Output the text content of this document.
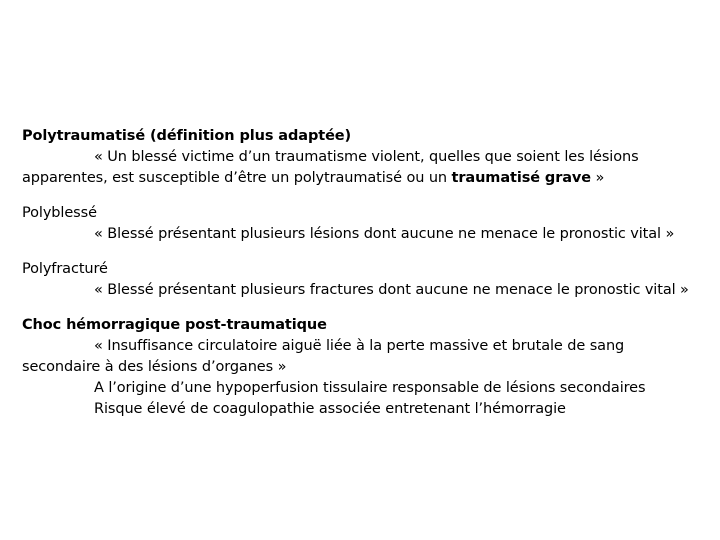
Polytraumatisé (définition plus adaptée)

« Un blessé victime d’un traumatisme violent, quelles que soient les lésions

apparentes, est susceptible d’être un polytraumatisé ou un traumatisé grave »

Polyblessé

« Blessé présentant plusieurs lésions dont aucune ne menace le pronostic vital »

Polyfracturé

« Blessé présentant plusieurs fractures dont aucune ne menace le pronostic vital »

Choc hémorragique post-traumatique

« Insuffisance circulatoire aiguë liée à la perte massive et brutale de sang

secondaire à des lésions d’organes »

A l’origine d’une hypoperfusion tissulaire responsable de lésions secondaires

Risque élevé de coagulopathie associée entretenant l’hémorragie
